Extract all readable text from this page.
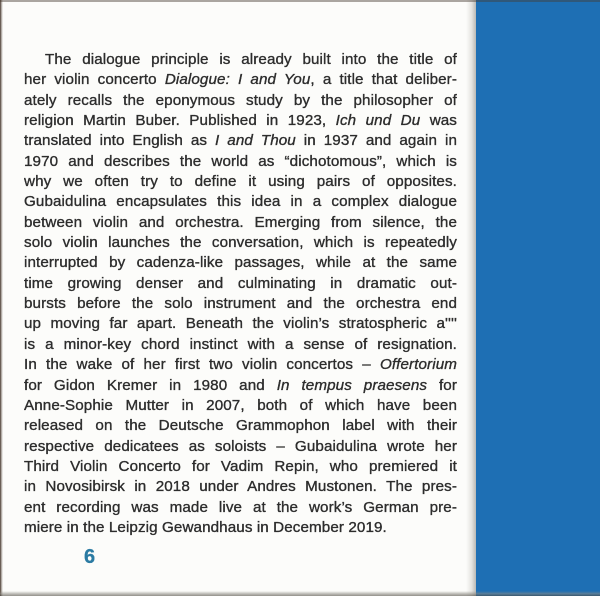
The dialogue principle is already built into the title of
her violin concerto Dialogue: I and You, a title that deliber-
ately recalls the eponymous study by the philosopher of
religion Martin Buber. Published in 1923, Ich und Du was
translated into English as I and Thou in 1937 and again in
1970 and describes the world as “dichotomous”, which is
why we often try to define it using pairs of opposites.
Gubaidulina encapsulates this idea in a complex dialogue
between violin and orchestra. Emerging from silence, the
solo violin launches the conversation, which is repeatedly
interrupted by cadenza-like passages, while at the same
time growing denser and culminating in dramatic out-
bursts before the solo instrument and the orchestra end
up moving far apart. Beneath the violin’s stratospheric a''''
is a minor-key chord instinct with a sense of resignation.
In the wake of her first two violin concertos – Offertorium
for Gidon Kremer in 1980 and In tempus praesens for
Anne-Sophie Mutter in 2007, both of which have been
released on the Deutsche Grammophon label with their
respective dedicatees as soloists – Gubaidulina wrote her
Third Violin Concerto for Vadim Repin, who premiered it
in Novosibirsk in 2018 under Andres Mustonen. The pres-
ent recording was made live at the work’s German pre-
miere in the Leipzig Gewandhaus in December 2019.
6
